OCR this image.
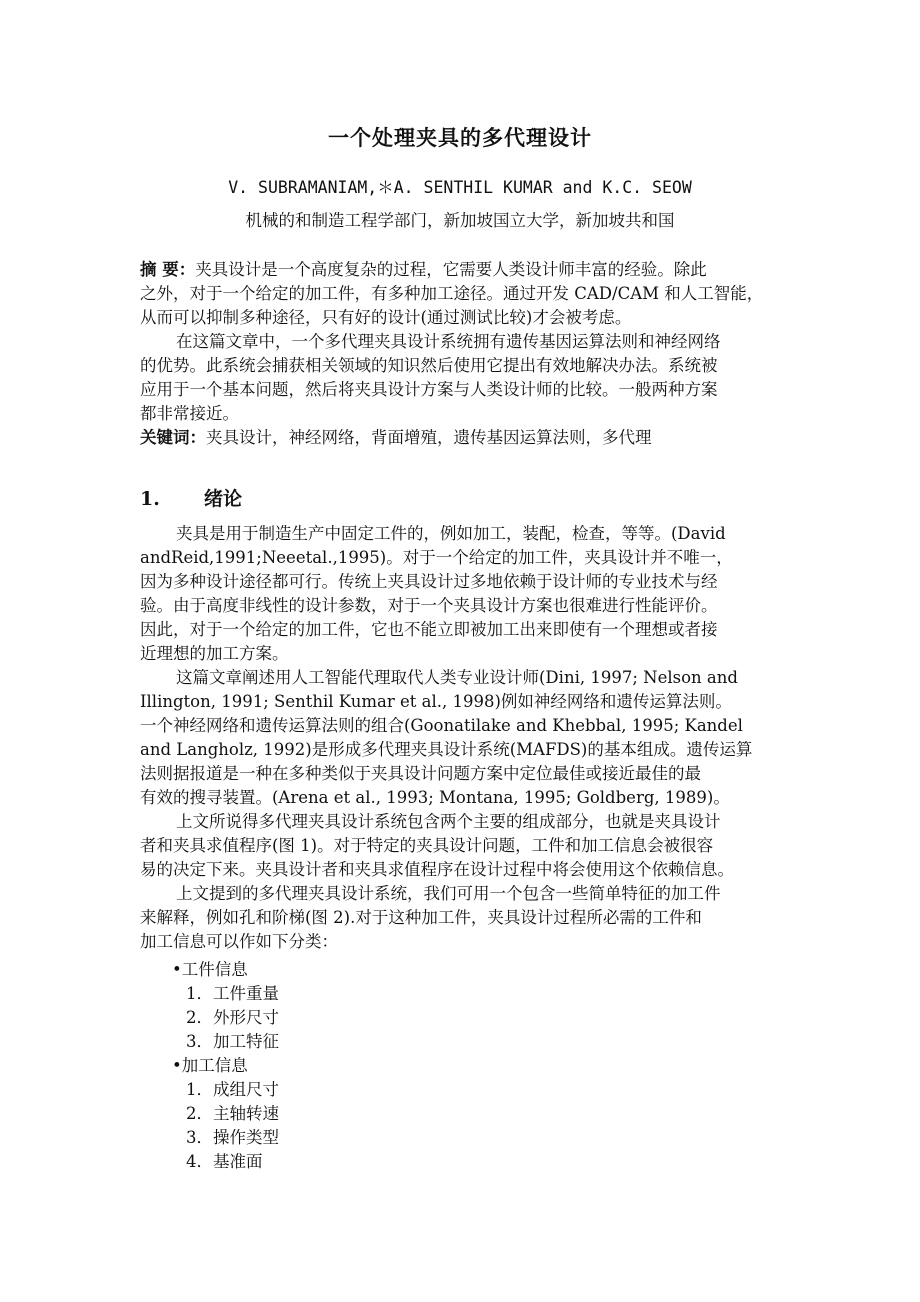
一个处理夹具的多代理设计
V. SUBRAMANIAM,＊A. SENTHIL KUMAR and K.C. SEOW
机械的和制造工程学部门，新加坡国立大学，新加坡共和国
摘 要：夹具设计是一个高度复杂的过程，它需要人类设计师丰富的经验。除此
之外，对于一个给定的加工件，有多种加工途径。通过开发 CAD/CAM 和人工智能，
从而可以抑制多种途径，只有好的设计(通过测试比较)才会被考虑。
在这篇文章中，一个多代理夹具设计系统拥有遗传基因运算法则和神经网络
的优势。此系统会捕获相关领域的知识然后使用它提出有效地解决办法。系统被
应用于一个基本问题，然后将夹具设计方案与人类设计师的比较。一般两种方案
都非常接近。
关键词：夹具设计，神经网络，背面增殖，遗传基因运算法则，多代理
1. 绪论
夹具是用于制造生产中固定工件的，例如加工，装配，检查，等等。(David
andReid,1991;Neeetal.,1995)。对于一个给定的加工件，夹具设计并不唯一，
因为多种设计途径都可行。传统上夹具设计过多地依赖于设计师的专业技术与经
验。由于高度非线性的设计参数，对于一个夹具设计方案也很难进行性能评价。
因此，对于一个给定的加工件，它也不能立即被加工出来即使有一个理想或者接
近理想的加工方案。
这篇文章阐述用人工智能代理取代人类专业设计师(Dini, 1997; Nelson and
Illington, 1991; Senthil Kumar et al., 1998)例如神经网络和遗传运算法则。
一个神经网络和遗传运算法则的组合(Goonatilake and Khebbal, 1995; Kandel
and Langholz, 1992)是形成多代理夹具设计系统(MAFDS)的基本组成。遗传运算
法则据报道是一种在多种类似于夹具设计问题方案中定位最佳或接近最佳的最
有效的搜寻装置。(Arena et al., 1993; Montana, 1995; Goldberg, 1989)。
上文所说得多代理夹具设计系统包含两个主要的组成部分，也就是夹具设计
者和夹具求值程序(图 1)。对于特定的夹具设计问题，工件和加工信息会被很容
易的决定下来。夹具设计者和夹具求值程序在设计过程中将会使用这个依赖信息。
上文提到的多代理夹具设计系统，我们可用一个包含一些简单特征的加工件
来解释，例如孔和阶梯(图 2).对于这种加工件，夹具设计过程所必需的工件和
加工信息可以作如下分类：
•工件信息
1．工件重量
2．外形尺寸
3．加工特征
•加工信息
1．成组尺寸
2．主轴转速
3．操作类型
4．基准面
